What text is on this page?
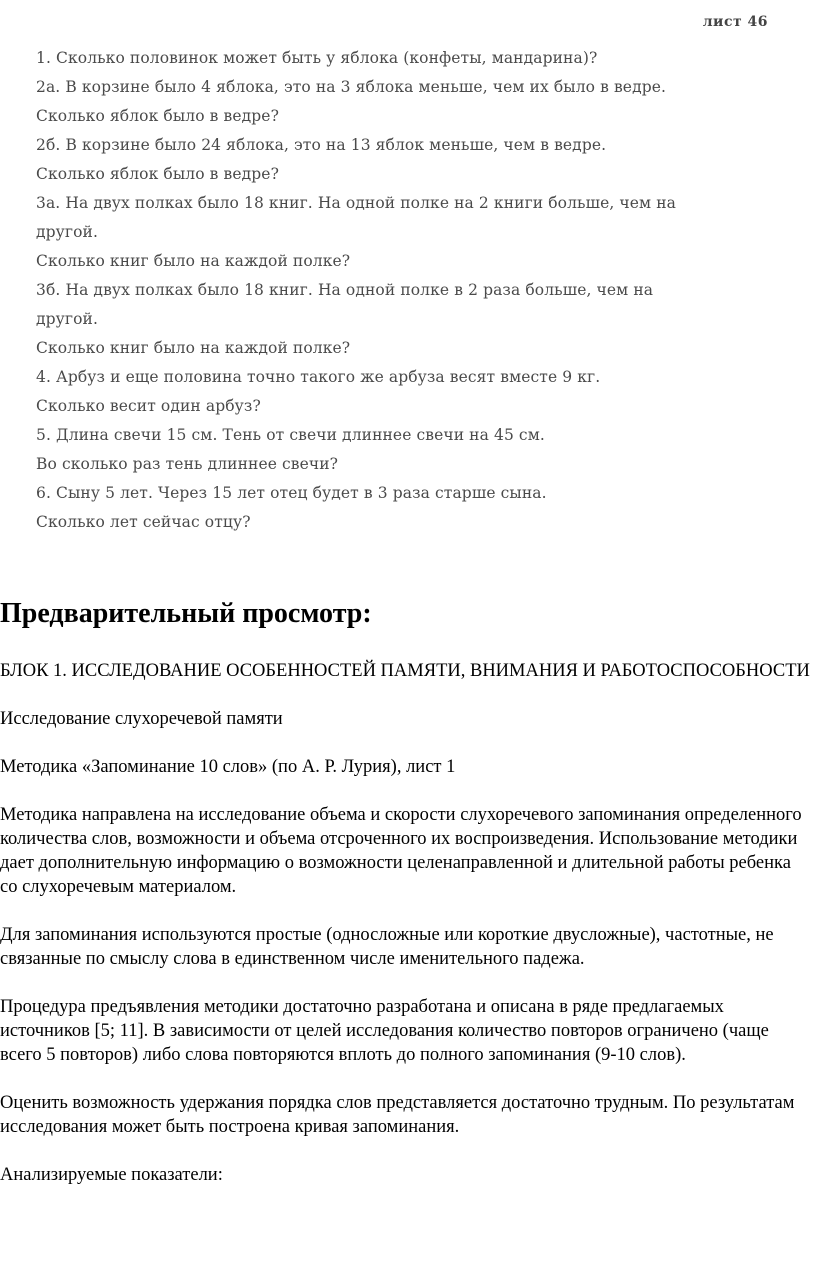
лист 46
1. Сколько половинок может быть у яблока (конфеты, мандарина)?
2а. В корзине было 4 яблока, это на 3 яблока меньше, чем их было в ведре.
Сколько яблок было в ведре?
2б. В корзине было 24 яблока, это на 13 яблок меньше, чем в ведре.
Сколько яблок было в ведре?
3а. На двух полках было 18 книг. На одной полке на 2 книги больше, чем на
другой.
Сколько книг было на каждой полке?
3б. На двух полках было 18 книг. На одной полке в 2 раза больше, чем на
другой.
Сколько книг было на каждой полке?
4. Арбуз и еще половина точно такого же арбуза весят вместе 9 кг.
Сколько весит один арбуз?
5. Длина свечи 15 см. Тень от свечи длиннее свечи на 45 см.
Во сколько раз тень длиннее свечи?
6. Сыну 5 лет. Через 15 лет отец будет в 3 раза старше сына.
Сколько лет сейчас отцу?
Предварительный просмотр:

БЛОК 1. ИССЛЕДОВАНИЕ ОСОБЕННОСТЕЙ ПАМЯТИ, ВНИМАНИЯ И РАБОТОСПОСОБНОСТИ

Исследование слухоречевой памяти

Методика «Запоминание 10 слов» (по А. Р. Лурия), лист 1

Методика направлена на исследование объема и скорости слухоречевого запоминания определенного количества слов, возможности и объема отсроченного их воспроизведения. Использование методики дает дополнительную информацию о возможности целенаправленной и длительной работы ребенка со слухоречевым материалом.

Для запоминания используются простые (односложные или короткие двусложные), частотные, не связанные по смыслу слова в единственном числе именительного падежа.

Процедура предъявления методики достаточно разработана и описана в ряде предлагаемых источников [5; 11]. В зависимости от целей исследования количество повторов ограничено (чаще всего 5 повторов) либо слова повторяются вплоть до полного запоминания (9-10 слов).

Оценить возможность удержания порядка слов представляется достаточно трудным. По результатам исследования может быть построена кривая запоминания.

Анализируемые показатели:
